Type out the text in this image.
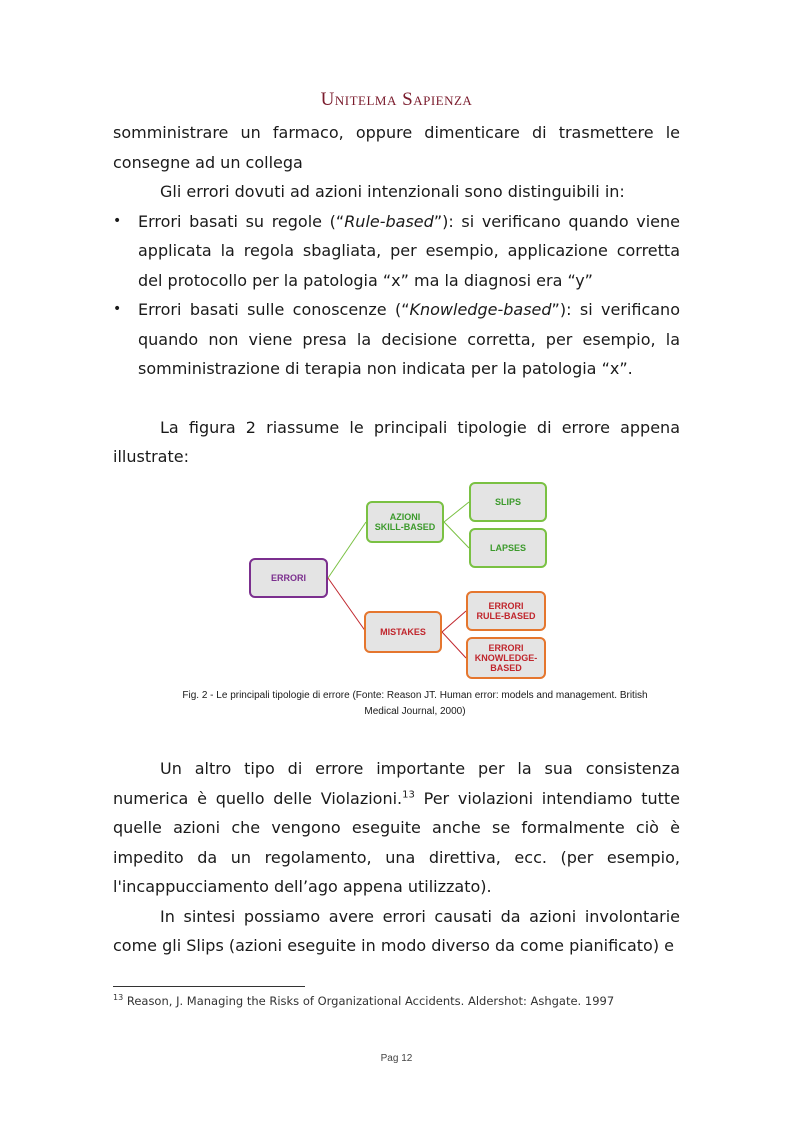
Unitelma Sapienza

somministrare un farmaco, oppure dimenticare di trasmettere le consegne ad un collega

Gli errori dovuti ad azioni intenzionali sono distinguibili in:

• Errori basati su regole (“Rule-based”): si verificano quando viene applicata la regola sbagliata, per esempio, applicazione corretta del protocollo per la patologia “x” ma la diagnosi era “y”
• Errori basati sulle conoscenze (“Knowledge-based”): si verificano quando non viene presa la decisione corretta, per esempio, la somministrazione di terapia non indicata per la patologia “x”.

La figura 2 riassume le principali tipologie di errore appena illustrate:

ERRORI
AZIONI
SKILL-BASED
SLIPS
LAPSES
MISTAKES
ERRORI
RULE-BASED
ERRORI
KNOWLEDGE-
BASED
Fig. 2 - Le principali tipologie di errore (Fonte: Reason JT. Human error: models and management. British
Medical Journal, 2000)

Un altro tipo di errore importante per la sua consistenza numerica è quello delle Violazioni.$^{13}$ Per violazioni intendiamo tutte quelle azioni che vengono eseguite anche se formalmente ciò è impedito da un regolamento, una direttiva, ecc. (per esempio, l'incappucciamento dell’ago appena utilizzato).

In sintesi possiamo avere errori causati da azioni involontarie come gli Slips (azioni eseguite in modo diverso da come pianificato) e

$^{13}$ Reason, J. Managing the Risks of Organizational Accidents. Aldershot: Ashgate. 1997
Pag 12
